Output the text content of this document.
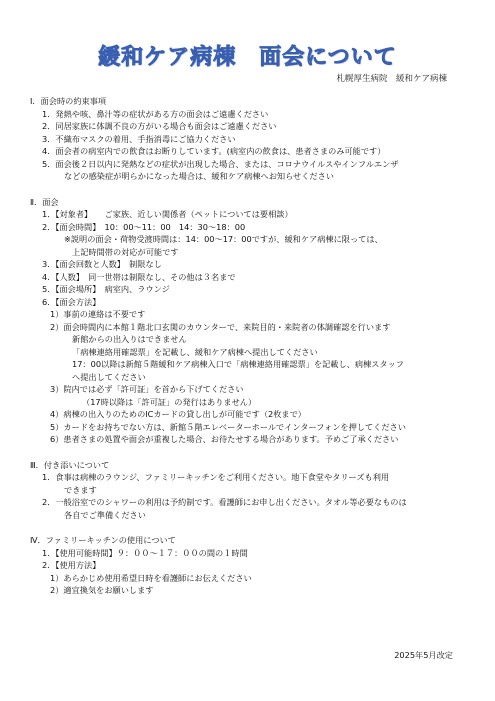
緩和ケア病棟　面会について
札幌厚生病院　緩和ケア病棟
Ⅰ．面会時の約束事項
1．発熱や咳、鼻汁等の症状がある方の面会はご遠慮ください
2．同居家族に体調不良の方がいる場合も面会はご遠慮ください
3．不織布マスクの着用、手指消毒にご協力ください
4．面会者の病室内での飲食はお断りしています。(病室内の飲食は、患者さまのみ可能です）
5．面会後２日以内に発熱などの症状が出現した場合、または、コロナウイルスやインフルエンザ
などの感染症が明らかになった場合は、緩和ケア病棟へお知らせください
Ⅱ．面会
1．【対象者】　　ご家族、近しい関係者（ペットについては要相談）
2．【面会時間】　10：00～11：00　14：30～18：00
※説明の面会・荷物受渡時間は：14：00～17：00ですが、緩和ケア病棟に限っては、
上記時間帯の対応が可能です
3．【面会回数と人数】　制限なし
4．【人数】　同一世帯は制限なし、その他は３名まで
5．【面会場所】　病室内、ラウンジ
6．【面会方法】
1）事前の連絡は不要です
2）面会時間内に本館１階北口玄関のカウンターで、来院目的・来院者の体調確認を行います
新館からの出入りはできません
「病棟連絡用確認票」を記載し、緩和ケア病棟へ提出してください
17：00以降は新館５階緩和ケア病棟入口で「病棟連絡用確認票」を記載し、病棟スタッフ
へ提出してください
3）院内では必ず「許可証」を首から下げてください
（17時以降は「許可証」の発行はありません）
4）病棟の出入りのためのICカードの貸し出しが可能です（2枚まで）
5）カードをお持ちでない方は、新館５階エレベーターホールでインターフォンを押してください
6）患者さまの処置や面会が重複した場合、お待たせする場合があります。予めご了承ください
Ⅲ．付き添いについて
1．食事は病棟のラウンジ、ファミリーキッチンをご利用ください。地下食堂やタリーズも利用
できます
2．一般浴室でのシャワーの利用は予約制です。看護師にお申し出ください。タオル等必要なものは
各自でご準備ください
Ⅳ．ファミリーキッチンの使用について
1．【使用可能時間】９：００～１７：００の間の１時間
2．【使用方法】
1）あらかじめ使用希望日時を看護師にお伝えください
2）適宜換気をお願いします
2025年5月改定
